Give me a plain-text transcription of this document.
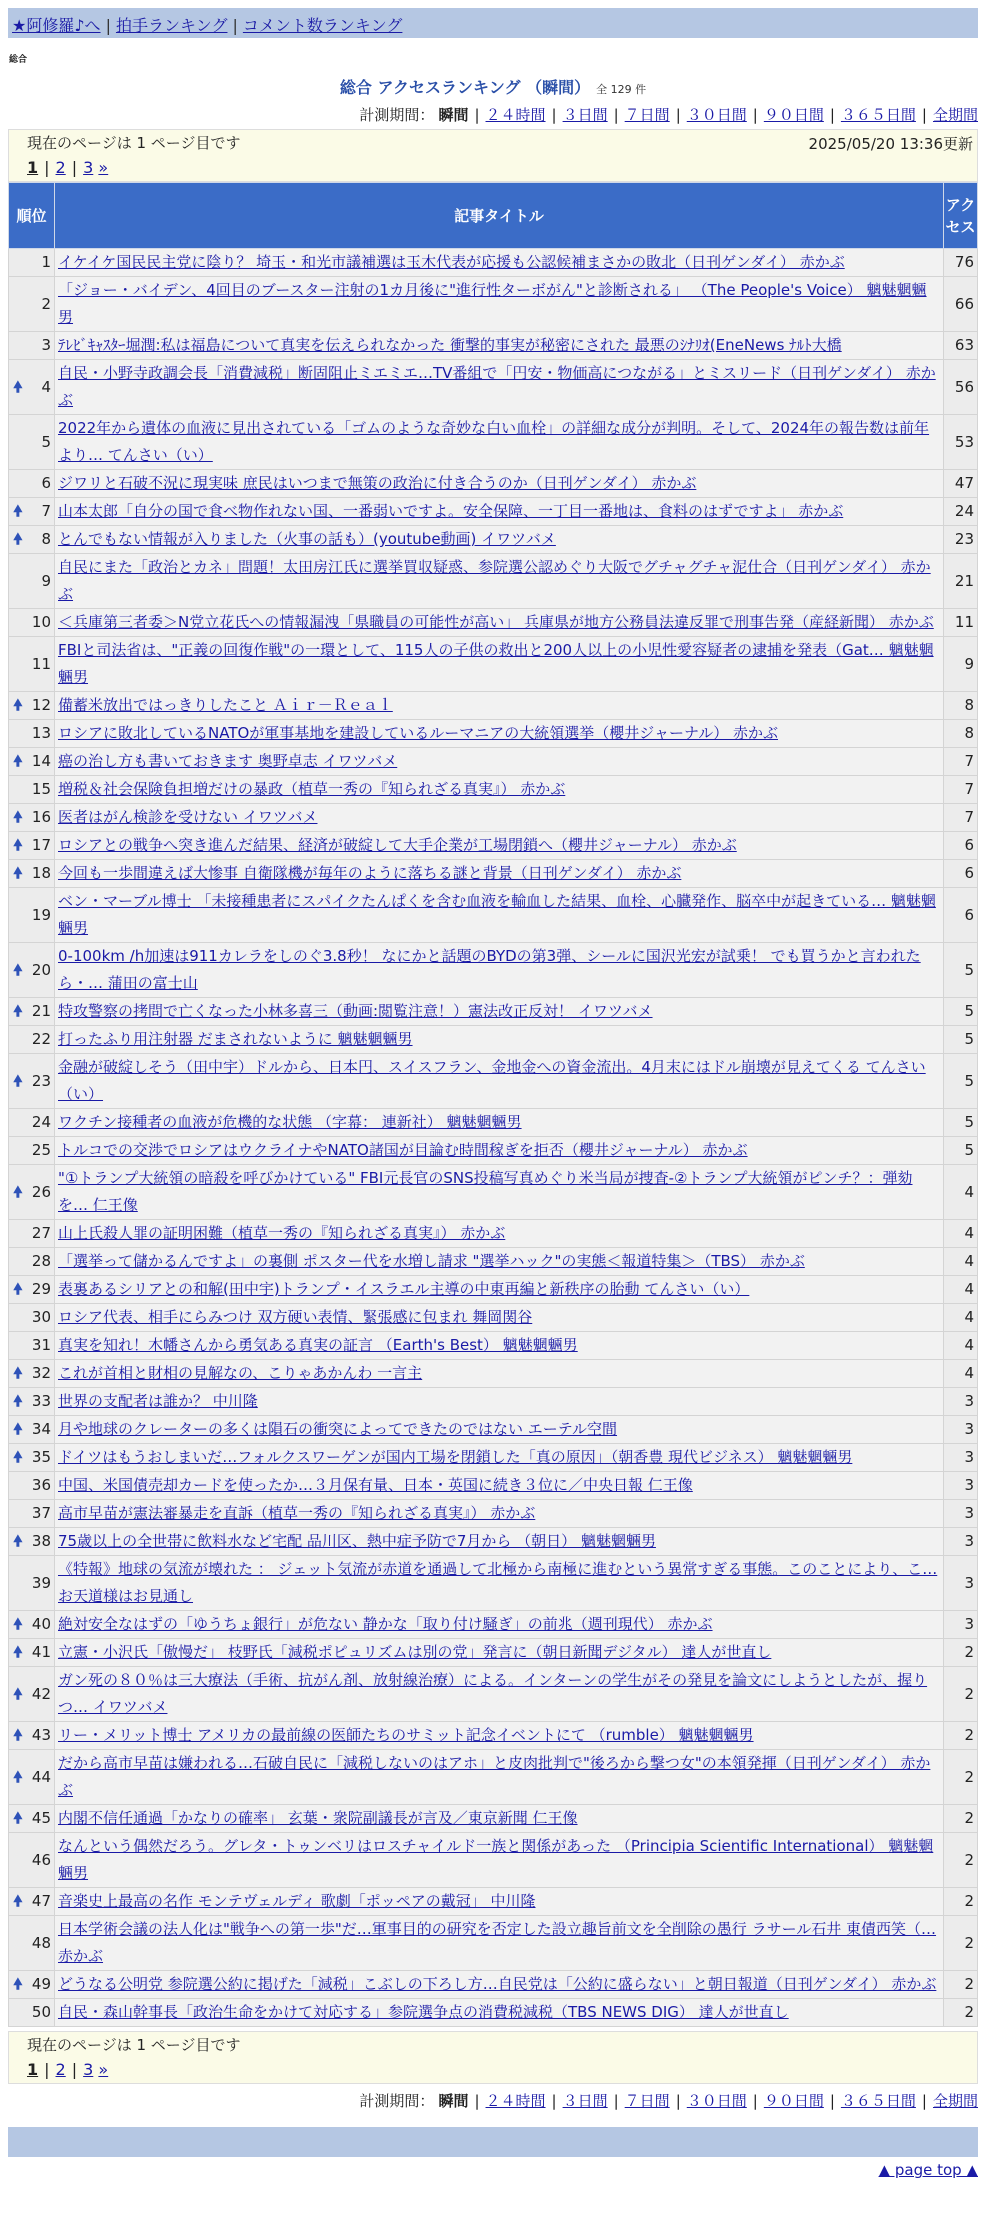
★阿修羅♪へ | 拍手ランキング | コメント数ランキング
総合
総合 アクセスランキング （瞬間） 全 129 件
計測期間： 瞬間 | ２４時間 | ３日間 | ７日間 | ３０日間 | ９０日間 | ３６５日間 | 全期間
現在のページは 1 ページ目です	2025/05/20 13:36更新
1 | 2 | 3 »
順位	記事タイトル	アクセス

1	イケイケ国民民主党に陰り？ 埼玉・和光市議補選は玉木代表が応援も公認候補まさかの敗北（日刊ゲンダイ） 赤かぶ	76
2	「ジョー・バイデン、4回目のブースター注射の1カ月後に"進行性ターボがん"と診断される」 （The People's Voice） 魑魅魍魎男	66
3	ﾃﾚﾋﾞｷｬｽﾀｰ堀潤:私は福島について真実を伝えられなかった 衝撃的事実が秘密にされた 最悪のｼﾅﾘｵ(EneNews ﾅﾙﾄ大橋	63

🠝 4	自民・小野寺政調会長「消費減税」断固阻止ミエミエ…TV番組で「円安・物価高につながる」とミスリード（日刊ゲンダイ） 赤かぶ	56
5	2022年から遺体の血液に見出されている「ゴムのような奇妙な白い血栓」の詳細な成分が判明。そして、2024年の報告数は前年より… てんさい（い）	53
6	ジワリと石破不況に現実味 庶民はいつまで無策の政治に付き合うのか（日刊ゲンダイ） 赤かぶ	47

🠝 7	山本太郎「自分の国で食べ物作れない国、一番弱いですよ。安全保障、一丁目一番地は、食料のはずですよ」 赤かぶ	24

🠝 8	とんでもない情報が入りました（火事の話も）(youtube動画) イワツバメ	23
9	自民にまた「政治とカネ」問題！太田房江氏に選挙買収疑惑、参院選公認めぐり大阪でグチャグチャ泥仕合（日刊ゲンダイ） 赤かぶ	21
10	＜兵庫第三者委＞N党立花氏への情報漏洩「県職員の可能性が高い」 兵庫県が地方公務員法違反罪で刑事告発（産経新聞） 赤かぶ	11
11	FBIと司法省は、"正義の回復作戦"の一環として、115人の子供の救出と200人以上の小児性愛容疑者の逮捕を発表（Gat… 魑魅魍魎男	9

🠝 12	備蓄米放出ではっきりしたこと Ａｉｒ－Ｒｅａｌ	8
13	ロシアに敗北しているNATOが軍事基地を建設しているルーマニアの大統領選挙（櫻井ジャーナル） 赤かぶ	8

🠝 14	癌の治し方も書いておきます 奥野卓志 イワツバメ	7
15	増税＆社会保険負担増だけの暴政（植草一秀の『知られざる真実』） 赤かぶ	7

🠝 16	医者はがん検診を受けない イワツバメ	7

🠝 17	ロシアとの戦争へ突き進んだ結果、経済が破綻して大手企業が工場閉鎖へ（櫻井ジャーナル） 赤かぶ	6

🠝 18	今回も一歩間違えば大惨事 自衛隊機が毎年のように落ちる謎と背景（日刊ゲンダイ） 赤かぶ	6
19	ベン・マーブル博士 「未接種患者にスパイクたんぱくを含む血液を輸血した結果、血栓、心臓発作、脳卒中が起きている… 魑魅魍魎男	6

🠝 20	0-100km /h加速は911カレラをしのぐ3.8秒！ なにかと話題のBYDの第3弾、シールに国沢光宏が試乗！ でも買うかと言われたら・… 蒲田の富士山	5

🠝 21	特攻警察の拷問で亡くなった小林多喜三（動画:閲覧注意！）憲法改正反対！ イワツバメ	5
22	打ったふり用注射器 だまされないように 魑魅魍魎男	5

🠝 23	金融が破綻しそう（田中宇）ドルから、日本円、スイスフラン、金地金への資金流出。4月末にはドル崩壊が見えてくる てんさい（い）	5
24	ワクチン接種者の血液が危機的な状態 （字幕： 連新社） 魑魅魍魎男	5
25	トルコでの交渉でロシアはウクライナやNATO諸国が目論む時間稼ぎを拒否（櫻井ジャーナル） 赤かぶ	5

🠝 26	"①トランプ大統領の暗殺を呼びかけている" FBI元長官のSNS投稿写真めぐり米当局が捜査-②トランプ大統領がピンチ？：弾劾を… 仁王像	4
27	山上氏殺人罪の証明困難（植草一秀の『知られざる真実』） 赤かぶ	4
28	「選挙って儲かるんですよ」の裏側 ポスター代を水増し請求 "選挙ハック"の実態＜報道特集＞（TBS） 赤かぶ	4

🠝 29	表裏あるシリアとの和解(田中宇)トランプ・イスラエル主導の中東再編と新秩序の胎動 てんさい（い）	4
30	ロシア代表、相手にらみつけ 双方硬い表情、緊張感に包まれ 舞岡関谷	4
31	真実を知れ！木幡さんから勇気ある真実の証言 （Earth's Best） 魑魅魍魎男	4

🠝 32	これが首相と財相の見解なの、こりゃあかんわ 一言主	4

🠝 33	世界の支配者は誰か？ 中川隆	3

🠝 34	月や地球のクレーターの多くは隕石の衝突によってできたのではない エーテル空間	3

🠝 35	ドイツはもうおしまいだ…フォルクスワーゲンが国内工場を閉鎖した「真の原因」（朝香豊 現代ビジネス） 魑魅魍魎男	3
36	中国、米国債売却カードを使ったか…３月保有量、日本・英国に続き３位に／中央日報 仁王像	3
37	高市早苗が憲法審暴走を直訴（植草一秀の『知られざる真実』） 赤かぶ	3

🠝 38	75歳以上の全世帯に飲料水など宅配 品川区、熱中症予防で7月から （朝日） 魑魅魍魎男	3
39	《特報》地球の気流が壊れた ： ジェット気流が赤道を通過して北極から南極に進むという異常すぎる事態。このことにより、こ… お天道様はお見通し	3

🠝 40	絶対安全なはずの「ゆうちょ銀行」が危ない 静かな「取り付け騒ぎ」の前兆（週刊現代） 赤かぶ	3

🠝 41	立憲・小沢氏「傲慢だ」 枝野氏「減税ポピュリズムは別の党」発言に（朝日新聞デジタル） 達人が世直し	2

🠝 42	ガン死の８０％は三大療法（手術、抗がん剤、放射線治療）による。インターンの学生がその発見を論文にしようとしたが、握りつ… イワツバメ	2

🠝 43	リー・メリット博士 アメリカの最前線の医師たちのサミット記念イベントにて （rumble） 魑魅魍魎男	2

🠝 44	だから高市早苗は嫌われる…石破自民に「減税しないのはアホ」と皮肉批判で"後ろから撃つ女"の本領発揮（日刊ゲンダイ） 赤かぶ	2

🠝 45	内閣不信任通過「かなりの確率」 玄葉・衆院副議長が言及／東京新聞 仁王像	2
46	なんという偶然だろう。グレタ・トゥンベリはロスチャイルド一族と関係があった （Principia Scientific International） 魑魅魍魎男	2

🠝 47	音楽史上最高の名作 モンテヴェルディ 歌劇「ポッペアの戴冠」 中川隆	2
48	日本学術会議の法人化は"戦争への第一歩"だ…軍事目的の研究を否定した設立趣旨前文を全削除の愚行 ラサール石井 東債西笑（… 赤かぶ	2

🠝 49	どうなる公明党 参院選公約に掲げた「減税」こぶしの下ろし方…自民党は「公約に盛らない」と朝日報道（日刊ゲンダイ） 赤かぶ	2
50	自民・森山幹事長「政治生命をかけて対応する」参院選争点の消費税減税（TBS NEWS DIG） 達人が世直し	2
現在のページは 1 ページ目です
1 | 2 | 3 »
計測期間： 瞬間 | ２４時間 | ３日間 | ７日間 | ３０日間 | ９０日間 | ３６５日間 | 全期間
▲ page top ▲
